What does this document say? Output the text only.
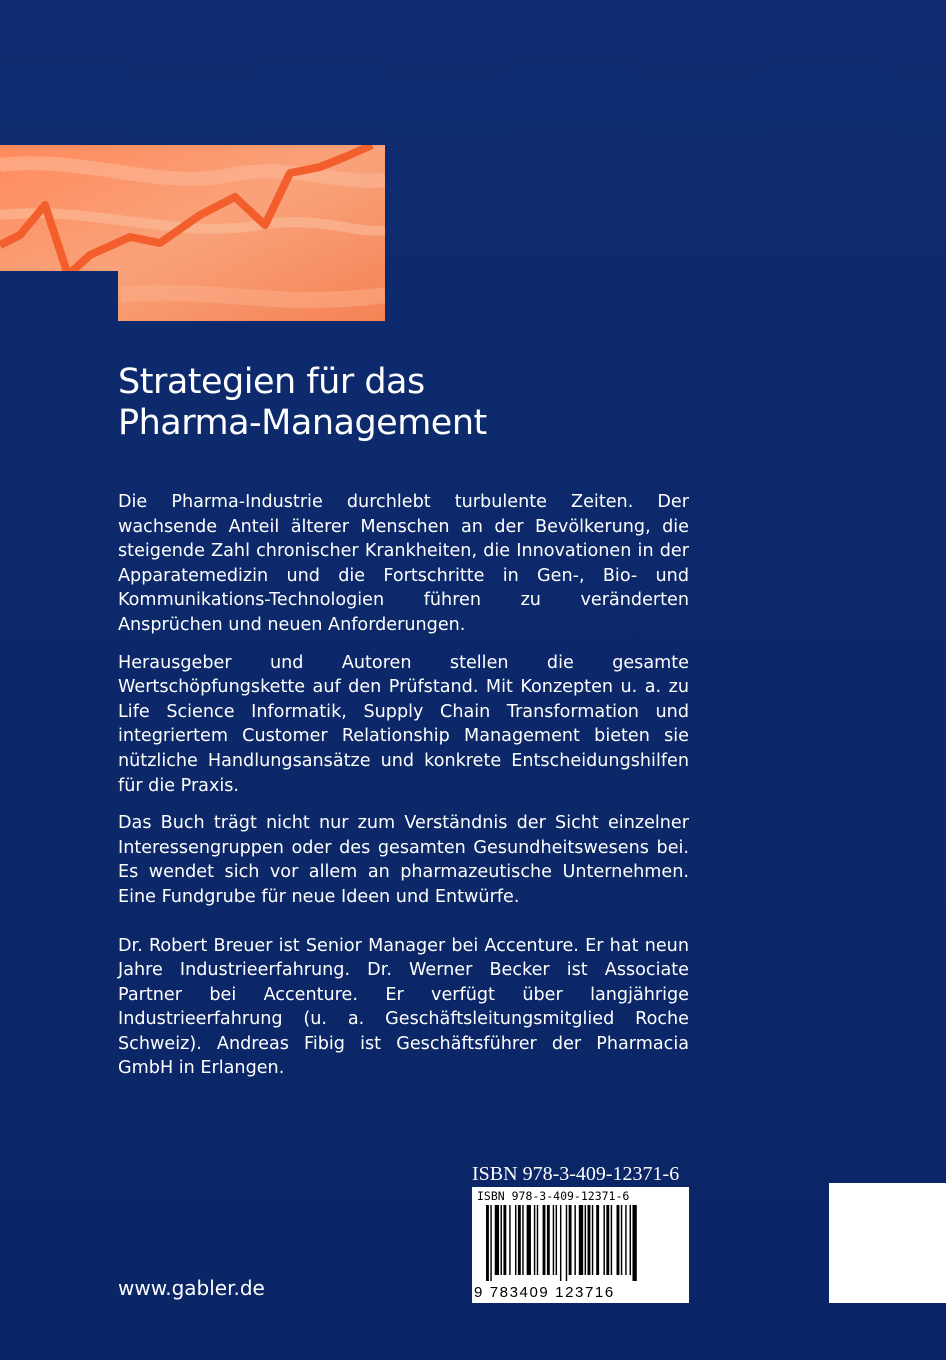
Strategien für das
Pharma-Management

Die Pharma-Industrie durchlebt turbulente Zeiten. Der wachsende Anteil älterer Menschen an der Bevölkerung, die steigende Zahl chronischer Krankheiten, die Innovationen in der Apparatemedizin und die Fortschritte in Gen-, Bio- und Kommunikations-Technologien führen zu veränderten Ansprüchen und neuen Anforderungen.

Herausgeber und Autoren stellen die gesamte Wertschöpfungskette auf den Prüfstand. Mit Konzepten u. a. zu Life Science Informatik, Supply Chain Transformation und integriertem Customer Relationship Management bieten sie nützliche Handlungsansätze und konkrete Entscheidungshilfen für die Praxis.

Das Buch trägt nicht nur zum Verständnis der Sicht einzelner Interessengruppen oder des gesamten Gesundheitswesens bei. Es wendet sich vor allem an pharmazeutische Unternehmen. Eine Fundgrube für neue Ideen und Entwürfe.

Dr. Robert Breuer ist Senior Manager bei Accenture. Er hat neun Jahre Industrieerfahrung. Dr. Werner Becker ist Associate Partner bei Accenture. Er verfügt über langjährige Industrieerfahrung (u. a. Geschäftsleitungsmitglied Roche Schweiz). Andreas Fibig ist Geschäftsführer der Pharmacia GmbH in Erlangen.

www.gabler.de
ISBN 978-3-409-12371-6
ISBN 978-3-409-12371-6
9 783409 123716
